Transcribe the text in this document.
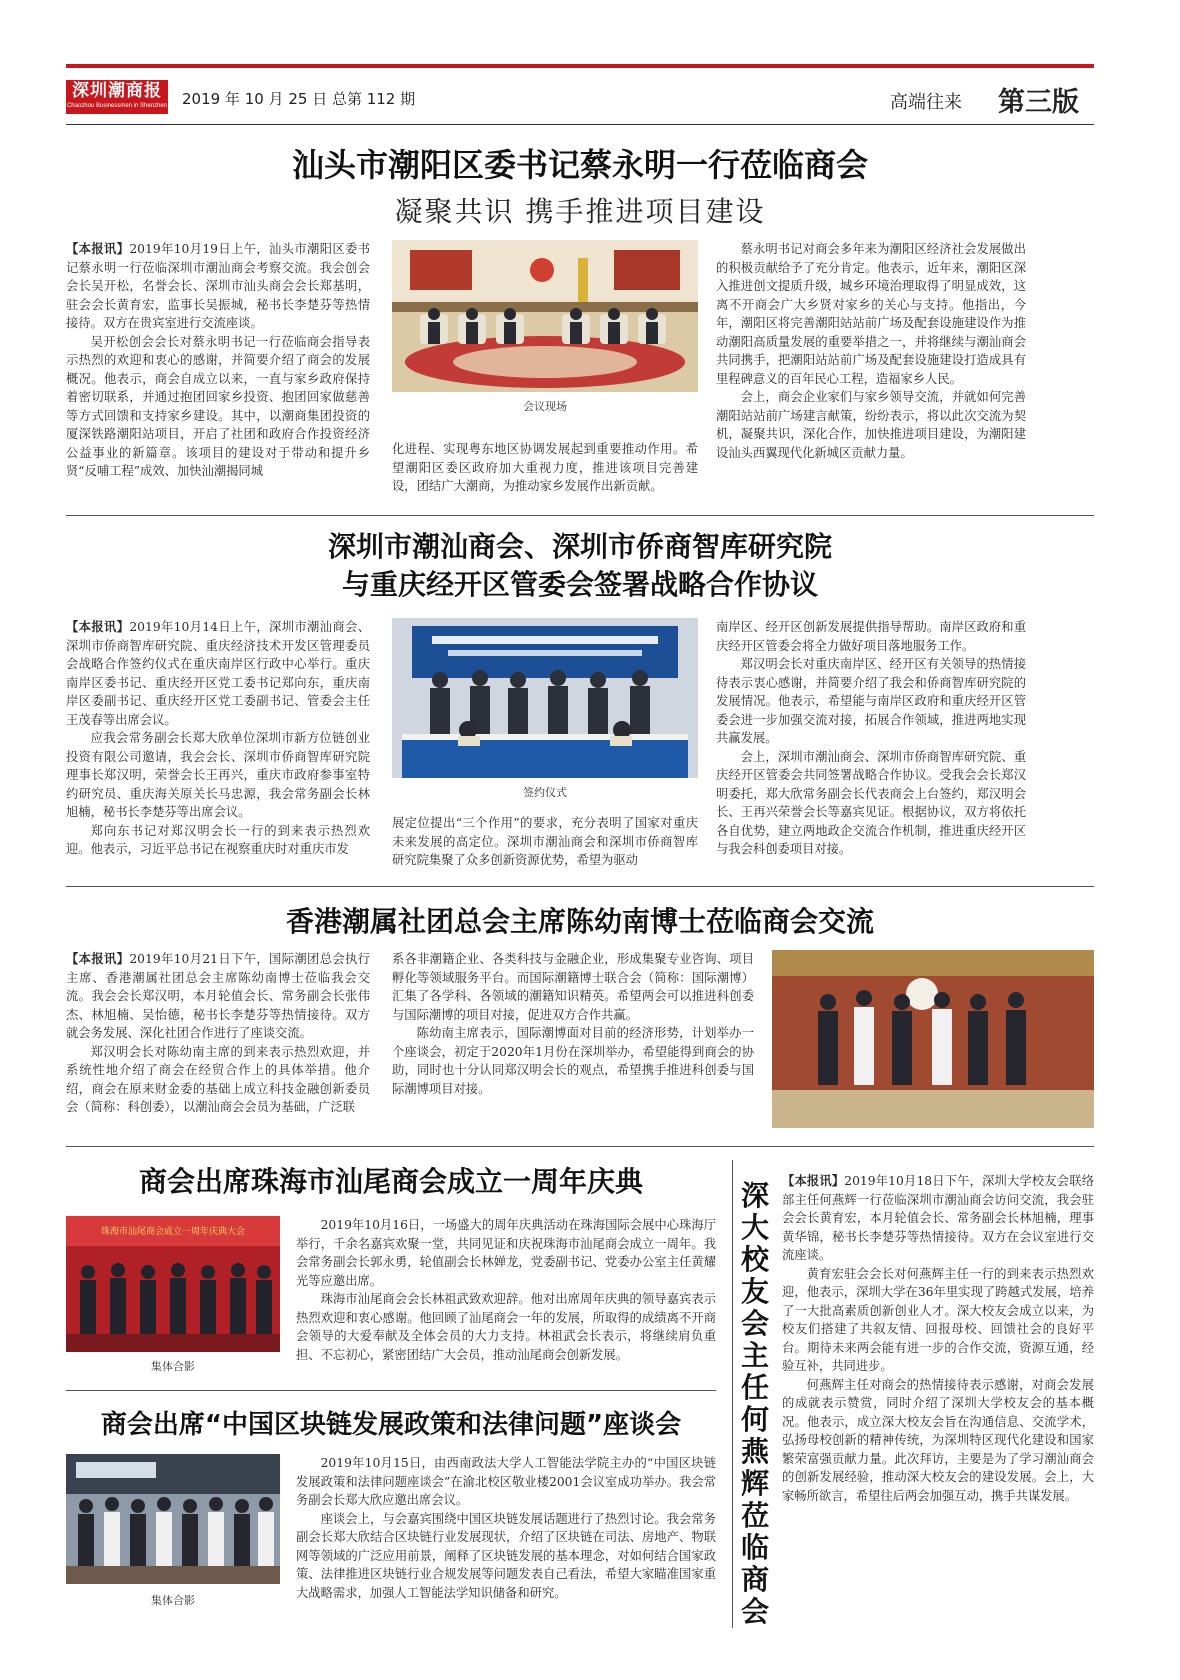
深圳潮商报
Chaozhou Businessmen in Shenzhen 2019 年 10 月 25 日 总第 112 期	高端往来 第三版
汕头市潮阳区委书记蔡永明一行莅临商会
凝聚共识 携手推进项目建设

【本报讯】2019年10月19日上午，汕头市潮阳区委书记蔡永明一行莅临深圳市潮汕商会考察交流。我会创会会长吴开松，名誉会长、深圳市汕头商会会长郑基明，驻会会长黄育宏，监事长吴振城，秘书长李楚芬等热情接待。双方在贵宾室进行交流座谈。

吴开松创会会长对蔡永明书记一行莅临商会指导表示热烈的欢迎和衷心的感谢，并简要介绍了商会的发展概况。他表示，商会自成立以来，一直与家乡政府保持着密切联系，并通过抱团回家乡投资、抱团回家做慈善等方式回馈和支持家乡建设。其中，以潮商集团投资的厦深铁路潮阳站项目，开启了社团和政府合作投资经济公益事业的新篇章。该项目的建设对于带动和提升乡贤“反哺工程”成效、加快汕潮揭同城

会议现场

化进程、实现粤东地区协调发展起到重要推动作用。希望潮阳区委区政府加大重视力度，推进该项目完善建设，团结广大潮商，为推动家乡发展作出新贡献。

蔡永明书记对商会多年来为潮阳区经济社会发展做出的积极贡献给予了充分肯定。他表示，近年来，潮阳区深入推进创文提质升级，城乡环境治理取得了明显成效，这离不开商会广大乡贤对家乡的关心与支持。他指出，今年，潮阳区将完善潮阳站站前广场及配套设施建设作为推动潮阳高质量发展的重要举措之一，并将继续与潮汕商会共同携手，把潮阳站站前广场及配套设施建设打造成具有里程碑意义的百年民心工程，造福家乡人民。

会上，商会企业家们与家乡领导交流，并就如何完善潮阳站站前广场建言献策，纷纷表示，将以此次交流为契机，凝聚共识，深化合作，加快推进项目建设，为潮阳建设汕头西翼现代化新城区贡献力量。

深圳市潮汕商会、深圳市侨商智库研究院
与重庆经开区管委会签署战略合作协议

【本报讯】2019年10月14日上午，深圳市潮汕商会、深圳市侨商智库研究院、重庆经济技术开发区管理委员会战略合作签约仪式在重庆南岸区行政中心举行。重庆南岸区委书记、重庆经开区党工委书记郑向东，重庆南岸区委副书记、重庆经开区党工委副书记、管委会主任王茂春等出席会议。

应我会常务副会长郑大欣单位深圳市新方位链创业投资有限公司邀请，我会会长、深圳市侨商智库研究院理事长郑汉明，荣誉会长王再兴，重庆市政府参事室特约研究员、重庆海关原关长马忠源，我会常务副会长林旭楠，秘书长李楚芬等出席会议。

郑向东书记对郑汉明会长一行的到来表示热烈欢迎。他表示，习近平总书记在视察重庆时对重庆市发

签约仪式

展定位提出“三个作用”的要求，充分表明了国家对重庆未来发展的高定位。深圳市潮汕商会和深圳市侨商智库研究院集聚了众多创新资源优势，希望为驱动

南岸区、经开区创新发展提供指导帮助。南岸区政府和重庆经开区管委会将全力做好项目落地服务工作。

郑汉明会长对重庆南岸区、经开区有关领导的热情接待表示衷心感谢，并简要介绍了我会和侨商智库研究院的发展情况。他表示，希望能与南岸区政府和重庆经开区管委会进一步加强交流对接，拓展合作领域，推进两地实现共赢发展。

会上，深圳市潮汕商会、深圳市侨商智库研究院、重庆经开区管委会共同签署战略合作协议。受我会会长郑汉明委托，郑大欣常务副会长代表商会上台签约，郑汉明会长、王再兴荣誉会长等嘉宾见证。根据协议，双方将依托各自优势，建立两地政企交流合作机制，推进重庆经开区与我会科创委项目对接。

香港潮属社团总会主席陈幼南博士莅临商会交流

【本报讯】2019年10月21日下午，国际潮团总会执行主席、香港潮属社团总会主席陈幼南博士莅临我会交流。我会会长郑汉明，本月轮值会长、常务副会长张伟杰、林旭楠、吴怡德，秘书长李楚芬等热情接待。双方就会务发展、深化社团合作进行了座谈交流。

郑汉明会长对陈幼南主席的到来表示热烈欢迎，并系统性地介绍了商会在经贸合作上的具体举措。他介绍，商会在原来财金委的基础上成立科技金融创新委员会（简称：科创委），以潮汕商会会员为基础，广泛联

系各非潮籍企业、各类科技与金融企业，形成集聚专业咨询、项目孵化等领域服务平台。而国际潮籍博士联合会（简称：国际潮博）汇集了各学科、各领域的潮籍知识精英。希望两会可以推进科创委与国际潮博的项目对接，促进双方合作共赢。

陈幼南主席表示，国际潮博面对目前的经济形势，计划举办一个座谈会，初定于2020年1月份在深圳举办，希望能得到商会的协助，同时也十分认同郑汉明会长的观点，希望携手推进科创委与国际潮博项目对接。

商会出席珠海市汕尾商会成立一周年庆典
珠海市汕尾商会成立一周年庆典大会
集体合影

2019年10月16日，一场盛大的周年庆典活动在珠海国际会展中心珠海厅举行，千余名嘉宾欢聚一堂，共同见证和庆祝珠海市汕尾商会成立一周年。我会常务副会长郭永勇，轮值副会长林婵龙，党委副书记、党委办公室主任黄耀光等应邀出席。

珠海市汕尾商会会长林祖武致欢迎辞。他对出席周年庆典的领导嘉宾表示热烈欢迎和衷心感谢。他回顾了汕尾商会一年的发展，所取得的成绩离不开商会领导的大爱奉献及全体会员的大力支持。林祖武会长表示，将继续肩负重担、不忘初心，紧密团结广大会员，推动汕尾商会创新发展。

商会出席“中国区块链发展政策和法律问题”座谈会
集体合影

2019年10月15日，由西南政法大学人工智能法学院主办的“中国区块链发展政策和法律问题座谈会”在渝北校区敬业楼2001会议室成功举办。我会常务副会长郑大欣应邀出席会议。

座谈会上，与会嘉宾围绕中国区块链发展话题进行了热烈讨论。我会常务副会长郑大欣结合区块链行业发展现状，介绍了区块链在司法、房地产、物联网等领域的广泛应用前景，阐释了区块链发展的基本理念，对如何结合国家政策、法律推进区块链行业合规发展等问题发表自己看法，希望大家瞄准国家重大战略需求，加强人工智能法学知识储备和研究。

深大校友会主任何燕辉莅临商会

【本报讯】2019年10月18日下午，深圳大学校友会联络部主任何燕辉一行莅临深圳市潮汕商会访问交流，我会驻会会长黄育宏，本月轮值会长、常务副会长林旭楠，理事黄华锦，秘书长李楚芬等热情接待。双方在会议室进行交流座谈。

黄育宏驻会会长对何燕辉主任一行的到来表示热烈欢迎，他表示，深圳大学在36年里实现了跨越式发展，培养了一大批高素质创新创业人才。深大校友会成立以来，为校友们搭建了共叙友情、回报母校、回馈社会的良好平台。期待未来两会能有进一步的合作交流，资源互通，经验互补，共同进步。

何燕辉主任对商会的热情接待表示感谢，对商会发展的成就表示赞赏，同时介绍了深圳大学校友会的基本概况。他表示，成立深大校友会旨在沟通信息、交流学术，弘扬母校创新的精神传统，为深圳特区现代化建设和国家繁荣富强贡献力量。此次拜访，主要是为了学习潮汕商会的创新发展经验，推动深大校友会的建设发展。会上，大家畅所欲言，希望往后两会加强互动，携手共谋发展。
